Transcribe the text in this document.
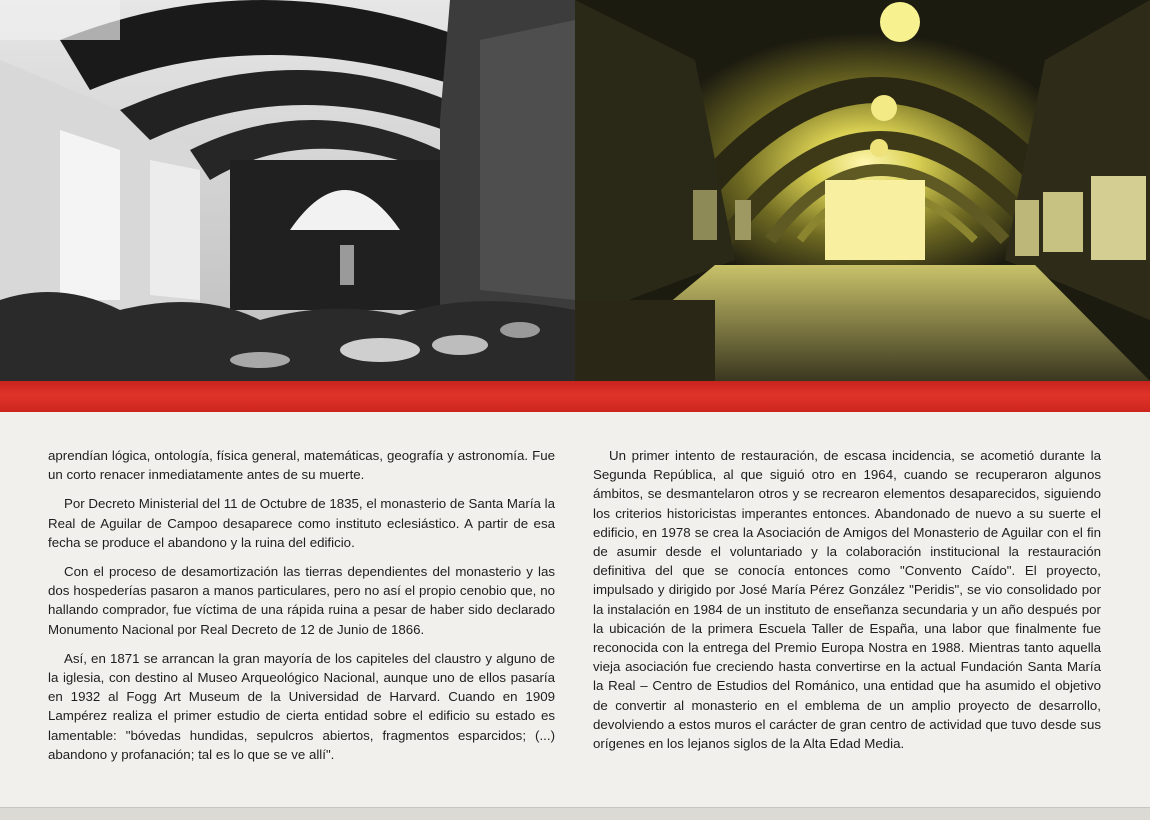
aprendían lógica, ontología, física general, matemáticas, geografía y astronomía. Fue un corto renacer inmediatamente antes de su muerte.

Por Decreto Ministerial del 11 de Octubre de 1835, el monasterio de Santa María la Real de Aguilar de Campoo desaparece como instituto eclesiástico. A partir de esa fecha se produce el abandono y la ruina del edificio.

Con el proceso de desamortización las tierras dependientes del monasterio y las dos hospederías pasaron a manos particulares, pero no así el propio cenobio que, no hallando comprador, fue víctima de una rápida ruina a pesar de haber sido declarado Monumento Nacional por Real Decreto de 12 de Junio de 1866.

Así, en 1871 se arrancan la gran mayoría de los capiteles del claustro y alguno de la iglesia, con destino al Museo Arqueológico Nacional, aunque uno de ellos pasaría en 1932 al Fogg Art Museum de la Universidad de Harvard. Cuando en 1909 Lampérez realiza el primer estudio de cierta entidad sobre el edificio su estado es lamentable: "bóvedas hundidas, sepulcros abiertos, fragmentos esparcidos; (...) abandono y profanación; tal es lo que se ve allí".

Un primer intento de restauración, de escasa incidencia, se acometió durante la Segunda República, al que siguió otro en 1964, cuando se recuperaron algunos ámbitos, se desmantelaron otros y se recrearon elementos desaparecidos, siguiendo los criterios historicistas imperantes entonces. Abandonado de nuevo a su suerte el edificio, en 1978 se crea la Asociación de Amigos del Monasterio de Aguilar con el fin de asumir desde el voluntariado y la colaboración institucional la restauración definitiva del que se conocía entonces como "Convento Caído". El proyecto, impulsado y dirigido por José María Pérez González "Peridis", se vio consolidado por la instalación en 1984 de un instituto de enseñanza secundaria y un año después por la ubicación de la primera Escuela Taller de España, una labor que finalmente fue reconocida con la entrega del Premio Europa Nostra en 1988. Mientras tanto aquella vieja asociación fue creciendo hasta convertirse en la actual Fundación Santa María la Real – Centro de Estudios del Románico, una entidad que ha asumido el objetivo de convertir al monasterio en el emblema de un amplio proyecto de desarrollo, devolviendo a estos muros el carácter de gran centro de actividad que tuvo desde sus orígenes en los lejanos siglos de la Alta Edad Media.
